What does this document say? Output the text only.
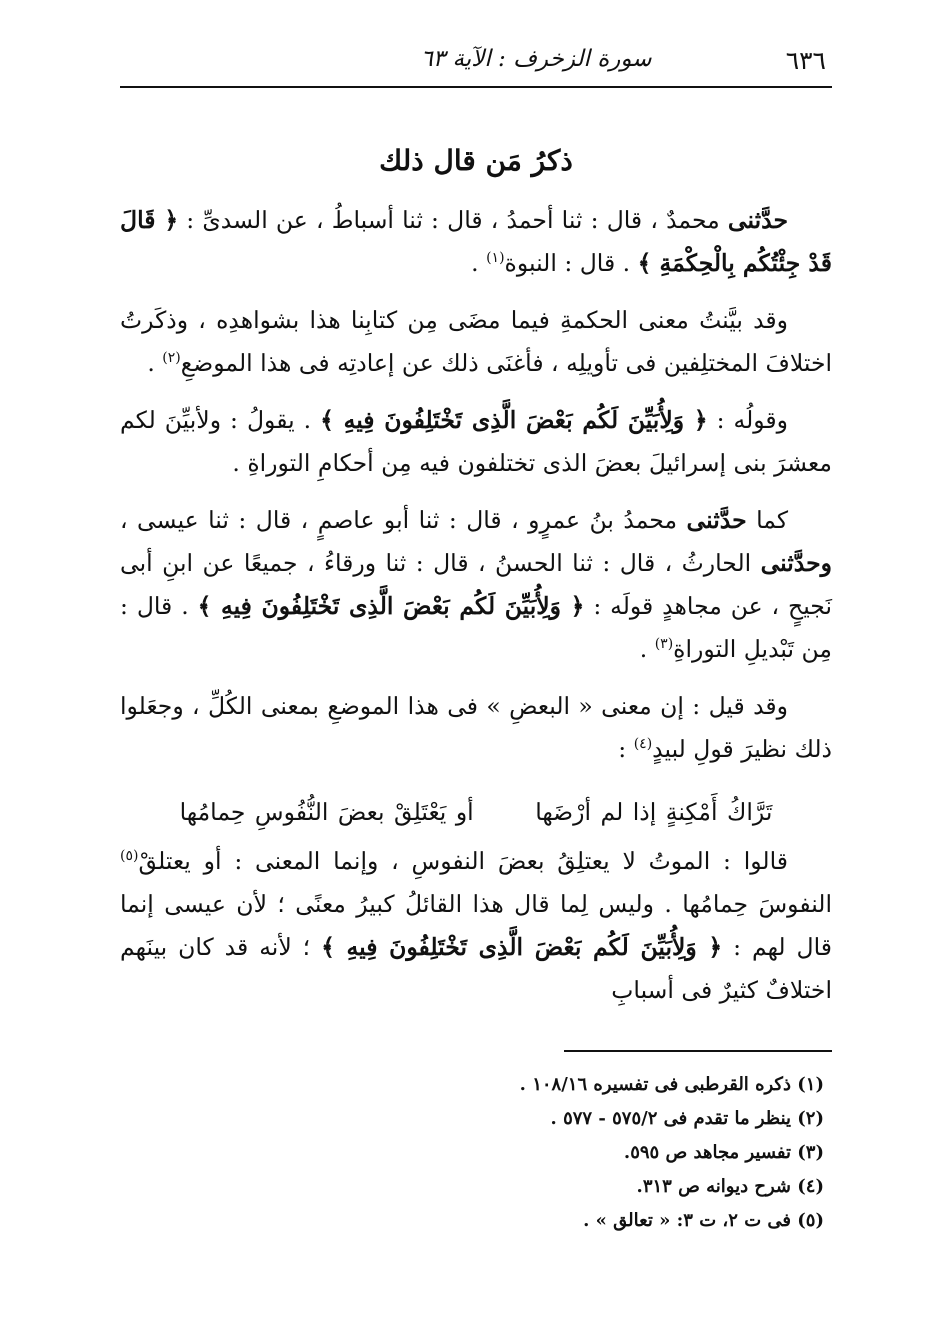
٦٣٦
سورة الزخرف : الآية ٦٣
ذكرُ مَن قال ذلك

حدَّثنى محمدٌ ، قال : ثنا أحمدُ ، قال : ثنا أسباطُ ، عن السدىِّ : ﴿ قَالَ قَدْ جِئْتُكُم بِالْحِكْمَةِ ﴾ . قال : النبوة$^{(١)}$ .

وقد بيَّنتُ معنى الحكمةِ فيما مضَى مِن كتابِنا هذا بشواهدِه ، وذكَرتُ اختلافَ المختلِفين فى تأويلِه ، فأغنَى ذلك عن إعادتِه فى هذا الموضعِ$^{(٢)}$ .

وقولُه : ﴿ وَلِأُبَيِّنَ لَكُم بَعْضَ الَّذِى تَخْتَلِفُونَ فِيهِ ﴾ . يقولُ : ولأبيِّنَ لكم معشرَ بنى إسرائيلَ بعضَ الذى تختلفون فيه مِن أحكامِ التوراةِ .

كما حدَّثنى محمدُ بنُ عمرٍو ، قال : ثنا أبو عاصمٍ ، قال : ثنا عيسى ، وحدَّثنى الحارثُ ، قال : ثنا الحسنُ ، قال : ثنا ورقاءُ ، جميعًا عن ابنِ أبى نَجيحٍ ، عن مجاهدٍ قولَه : ﴿ وَلِأُبَيِّنَ لَكُم بَعْضَ الَّذِى تَخْتَلِفُونَ فِيهِ ﴾ . قال : مِن تَبْديلِ التوراةِ$^{(٣)}$ .

وقد قيل : إن معنى « البعضِ » فى هذا الموضعِ بمعنى الكُلِّ ، وجعَلوا ذلك نظيرَ قولِ لبيدٍ$^{(٤)}$ :

تَرَّاكُ أَمْكِنةٍ إذا لم أرْضَها أو يَعْتَلِقْ بعضَ النُّفُوسِ حِمامُها

قالوا : الموتُ لا يعتلِقُ بعضَ النفوسِ ، وإنما المعنى : أو يعتلقْ$^{(٥)}$ النفوسَ حِمامُها . وليس لِما قال هذا القائلُ كبيرُ معنًى ؛ لأن عيسى إنما قال لهم : ﴿ وَلِأُبَيِّنَ لَكُم بَعْضَ الَّذِى تَخْتَلِفُونَ فِيهِ ﴾ ؛ لأنه قد كان بينَهم اختلافٌ كثيرٌ فى أسبابِ

(١) ذكره القرطبى فى تفسيره ١٠٨/١٦ .
(٢) ينظر ما تقدم فى ٥٧٥/٢ - ٥٧٧ .
(٣) تفسير مجاهد ص ٥٩٥.
(٤) شرح ديوانه ص ٣١٣.
(٥) فى ت ٢، ت ٣: « تعالق » .
